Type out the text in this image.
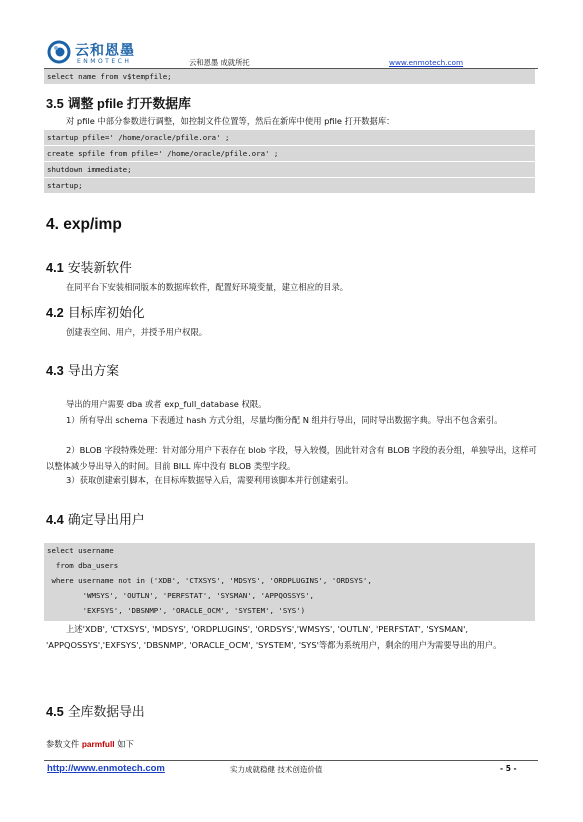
云和恩墨
ENMOTECH	云和恩墨 成就所托	www.enmotech.com
select name from v$tempfile;
3.5 调整 pfile 打开数据库
对 pfile 中部分参数进行调整，如控制文件位置等，然后在新库中使用 pfile 打开数据库：
startup pfile=' /home/oracle/pfile.ora' ;
create spfile from pfile=' /home/oracle/pfile.ora' ;
shutdown immediate;
startup;
4. exp/imp
4.1 安装新软件
在同平台下安装相同版本的数据库软件，配置好环境变量，建立相应的目录。
4.2 目标库初始化
创建表空间、用户，并授予用户权限。
4.3 导出方案
导出的用户需要 dba 或者 exp_full_database 权限。
1）所有导出 schema 下表通过 hash 方式分组，尽量均衡分配 N 组并行导出，同时导出数据字典。导出不包含索引。
2）BLOB 字段特殊处理：针对部分用户下表存在 blob 字段，导入较慢，因此针对含有 BLOB 字段的表分组，单独导出，这样可以整体减少导出导入的时间。目前 BILL 库中没有 BLOB 类型字段。
3）获取创建索引脚本，在目标库数据导入后，需要利用该脚本并行创建索引。
4.4 确定导出用户
select username
from dba_users
where username not in ('XDB', 'CTXSYS', 'MDSYS', 'ORDPLUGINS', 'ORDSYS',
'WMSYS', 'OUTLN', 'PERFSTAT', 'SYSMAN', 'APPQOSSYS',
'EXFSYS', 'DBSNMP', 'ORACLE_OCM', 'SYSTEM', 'SYS')
上述'XDB', 'CTXSYS', 'MDSYS', 'ORDPLUGINS', 'ORDSYS','WMSYS', 'OUTLN', 'PERFSTAT', 'SYSMAN', 'APPQOSSYS','EXFSYS', 'DBSNMP', 'ORACLE_OCM', 'SYSTEM', 'SYS'等都为系统用户，剩余的用户为需要导出的用户。
4.5 全库数据导出
参数文件 parmfull 如下
http://www.enmotech.com	实力成就稳健 技术创造价值	- 5 -
